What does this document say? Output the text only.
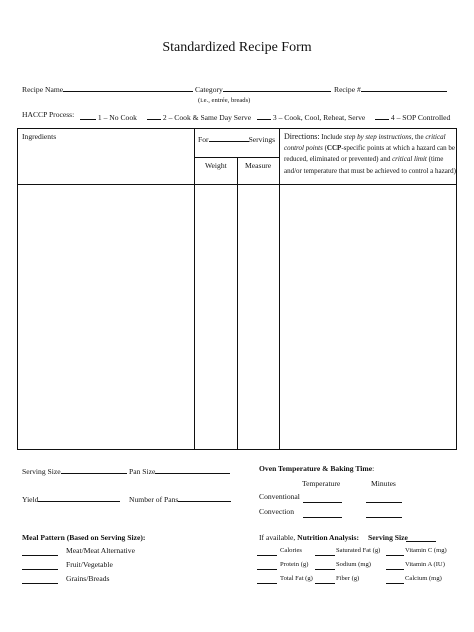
Standardized Recipe Form
Recipe Name	Category	Recipe #
(i.e., entrée, breads)
HACCP Process:	1 – No Cook	2 – Cook & Same Day Serve	3 – Cook, Cool, Reheat, Serve	4 – SOP Controlled
Ingredients	For	Servings
Weight Measure
Directions: Include step by step instructions, the critical control points (CCP-specific points at which a hazard can be reduced, eliminated or prevented) and critical limit (time and/or temperature that must be achieved to control a hazard)
Serving Size	Pan Size
Yield	Number of Pans
Oven Temperature & Baking Time:
Temperature	Minutes
Conventional
Convection
Meal Pattern (Based on Serving Size):
Meat/Meat Alternative
Fruit/Vegetable
Grains/Breads
If available, Nutrition Analysis: Serving Size
Calories	Saturated Fat (g)	Vitamin C (mg)
Protein (g)	Sodium (mg)	Vitamin A (IU)
Total Fat (g)	Fiber (g)	Calcium (mg)
